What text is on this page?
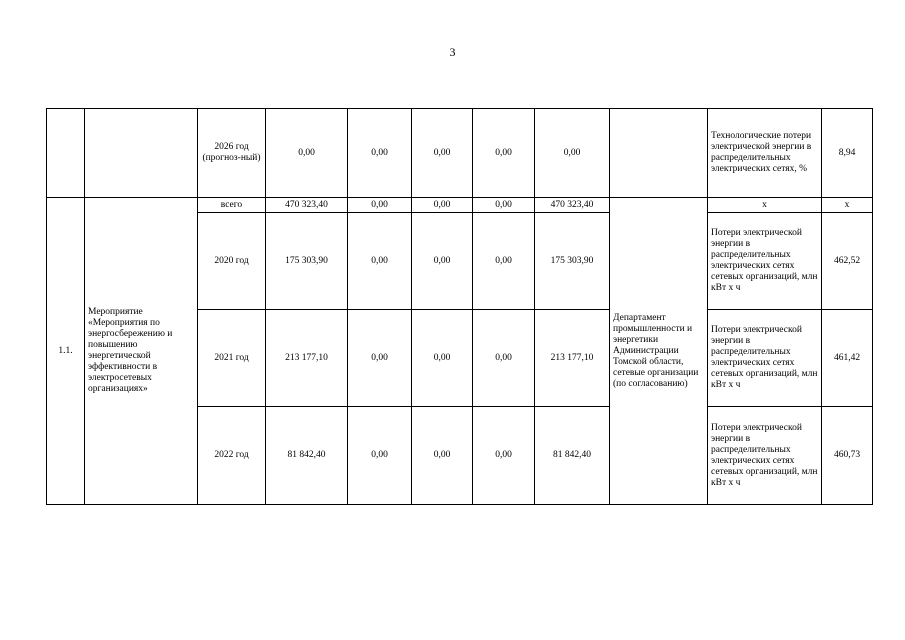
3
		2026 год (прогноз-ный)	0,00	0,00	0,00	0,00	0,00		Технологические потери электрической энергии в распределительных электрических сетях, %	8,94
1.1.	Мероприятие «Мероприятия по энергосбережению и повышению энергетической эффективности в электросетевых организациях»	всего	470 323,40	0,00	0,00	0,00	470 323,40	Департамент промышленности и энергетики Администрации Томской области, сетевые организации (по согласованию)	x	x
		2020 год	175 303,90	0,00	0,00	0,00	175 303,90		Потери электрической энергии в распределительных электрических сетях сетевых организаций, млн кВт х ч	462,52
		2021 год	213 177,10	0,00	0,00	0,00	213 177,10		Потери электрической энергии в распределительных электрических сетях сетевых организаций, млн кВт х ч	461,42
		2022 год	81 842,40	0,00	0,00	0,00	81 842,40		Потери электрической энергии в распределительных электрических сетях сетевых организаций, млн кВт х ч	460,73
